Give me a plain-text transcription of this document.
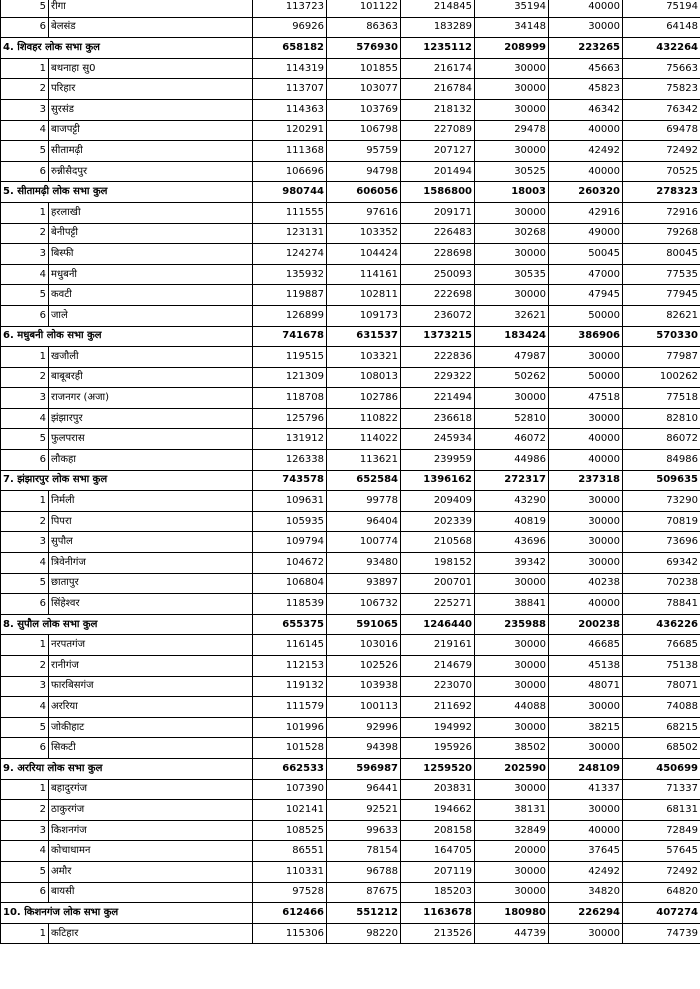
5	रीगा	113723	101122	214845	35194	40000	75194
6	बेलसंड	96926	86363	183289	34148	30000	64148
4. शिवहर लोक सभा कुल		658182	576930	1235112	208999	223265	432264
1	बथनाहा सु0	114319	101855	216174	30000	45663	75663
2	परिहार	113707	103077	216784	30000	45823	75823
3	सुरसंड	114363	103769	218132	30000	46342	76342
4	बाजपट्टी	120291	106798	227089	29478	40000	69478
5	सीतामढ़ी	111368	95759	207127	30000	42492	72492
6	रुन्नीसैदपुर	106696	94798	201494	30525	40000	70525
5. सीतामढ़ी लोक सभा कुल		980744	606056	1586800	18003	260320	278323
1	हरलाखी	111555	97616	209171	30000	42916	72916
2	बेनीपट्टी	123131	103352	226483	30268	49000	79268
3	बिस्फी	124274	104424	228698	30000	50045	80045
4	मधुबनी	135932	114161	250093	30535	47000	77535
5	कवटी	119887	102811	222698	30000	47945	77945
6	जाले	126899	109173	236072	32621	50000	82621
6. मधुबनी लोक सभा कुल		741678	631537	1373215	183424	386906	570330
1	खजौली	119515	103321	222836	47987	30000	77987
2	बाबूबरही	121309	108013	229322	50262	50000	100262
3	राजनगर (अजा)	118708	102786	221494	30000	47518	77518
4	झंझारपुर	125796	110822	236618	52810	30000	82810
5	फुलपरास	131912	114022	245934	46072	40000	86072
6	लौकहा	126338	113621	239959	44986	40000	84986
7. झंझारपुर लोक सभा कुल		743578	652584	1396162	272317	237318	509635
1	निर्मली	109631	99778	209409	43290	30000	73290
2	पिपरा	105935	96404	202339	40819	30000	70819
3	सुपौल	109794	100774	210568	43696	30000	73696
4	त्रिवेनीगंज	104672	93480	198152	39342	30000	69342
5	छातापुर	106804	93897	200701	30000	40238	70238
6	सिंहेश्वर	118539	106732	225271	38841	40000	78841
8. सुपौल लोक सभा कुल		655375	591065	1246440	235988	200238	436226
1	नरपतगंज	116145	103016	219161	30000	46685	76685
2	रानीगंज	112153	102526	214679	30000	45138	75138
3	फारबिसगंज	119132	103938	223070	30000	48071	78071
4	अररिया	111579	100113	211692	44088	30000	74088
5	जोकीहाट	101996	92996	194992	30000	38215	68215
6	सिकटी	101528	94398	195926	38502	30000	68502
9. अररिया लोक सभा कुल		662533	596987	1259520	202590	248109	450699
1	बहादुरगंज	107390	96441	203831	30000	41337	71337
2	ठाकुरगंज	102141	92521	194662	38131	30000	68131
3	किशनगंज	108525	99633	208158	32849	40000	72849
4	कोचाधामन	86551	78154	164705	20000	37645	57645
5	अमौर	110331	96788	207119	30000	42492	72492
6	बायसी	97528	87675	185203	30000	34820	64820
10. किशनगंज लोक सभा कुल		612466	551212	1163678	180980	226294	407274
1	कटिहार	115306	98220	213526	44739	30000	74739
